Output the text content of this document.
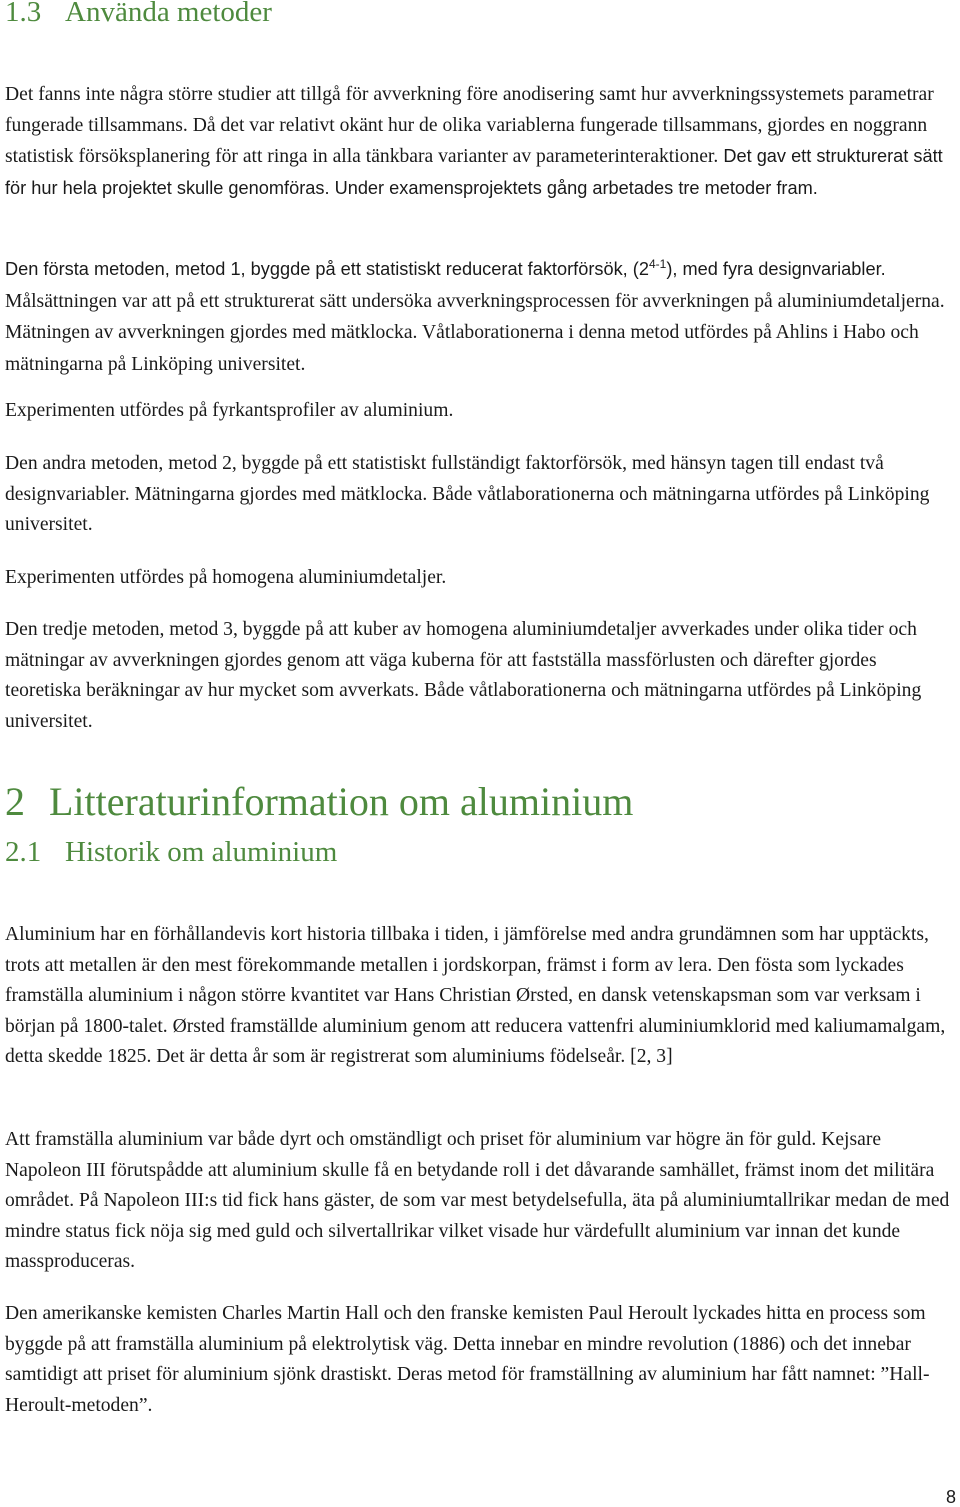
1.3 Använda metoder

Det fanns inte några större studier att tillgå för avverkning före anodisering samt hur avverkningssystemets parametrar fungerade tillsammans. Då det var relativt okänt hur de olika variablerna fungerade tillsammans, gjordes en noggrann statistisk försöksplanering för att ringa in alla tänkbara varianter av parameterinteraktioner. Det gav ett strukturerat sätt för hur hela projektet skulle genomföras. Under examensprojektets gång arbetades tre metoder fram.

Den första metoden, metod 1, byggde på ett statistiskt reducerat faktorförsök, (2$^{4-1}$), med fyra designvariabler. Målsättningen var att på ett strukturerat sätt undersöka avverkningsprocessen för avverkningen på aluminiumdetaljerna. Mätningen av avverkningen gjordes med mätklocka. Våtlaborationerna i denna metod utfördes på Ahlins i Habo och mätningarna på Linköping universitet.

Experimenten utfördes på fyrkantsprofiler av aluminium.

Den andra metoden, metod 2, byggde på ett statistiskt fullständigt faktorförsök, med hänsyn tagen till endast två designvariabler. Mätningarna gjordes med mätklocka. Både våtlaborationerna och mätningarna utfördes på Linköping universitet.

Experimenten utfördes på homogena aluminiumdetaljer.

Den tredje metoden, metod 3, byggde på att kuber av homogena aluminiumdetaljer avverkades under olika tider och mätningar av avverkningen gjordes genom att väga kuberna för att fastställa massförlusten och därefter gjordes teoretiska beräkningar av hur mycket som avverkats. Både våtlaborationerna och mätningarna utfördes på Linköping universitet.

2 Litteraturinformation om aluminium
2.1 Historik om aluminium

Aluminium har en förhållandevis kort historia tillbaka i tiden, i jämförelse med andra grundämnen som har upptäckts, trots att metallen är den mest förekommande metallen i jordskorpan, främst i form av lera. Den fösta som lyckades framställa aluminium i någon större kvantitet var Hans Christian Ørsted, en dansk vetenskapsman som var verksam i början på 1800-talet. Ørsted framställde aluminium genom att reducera vattenfri aluminiumklorid med kaliumamalgam, detta skedde 1825. Det är detta år som är registrerat som aluminiums födelseår. [2, 3]

Att framställa aluminium var både dyrt och omständligt och priset för aluminium var högre än för guld. Kejsare Napoleon III förutspådde att aluminium skulle få en betydande roll i det dåvarande samhället, främst inom det militära området. På Napoleon III:s tid fick hans gäster, de som var mest betydelsefulla, äta på aluminiumtallrikar medan de med mindre status fick nöja sig med guld och silvertallrikar vilket visade hur värdefullt aluminium var innan det kunde massproduceras.

Den amerikanske kemisten Charles Martin Hall och den franske kemisten Paul Heroult lyckades hitta en process som byggde på att framställa aluminium på elektrolytisk väg. Detta innebar en mindre revolution (1886) och det innebar samtidigt att priset för aluminium sjönk drastiskt. Deras metod för framställning av aluminium har fått namnet: ”Hall-Heroult-metoden”.

8
